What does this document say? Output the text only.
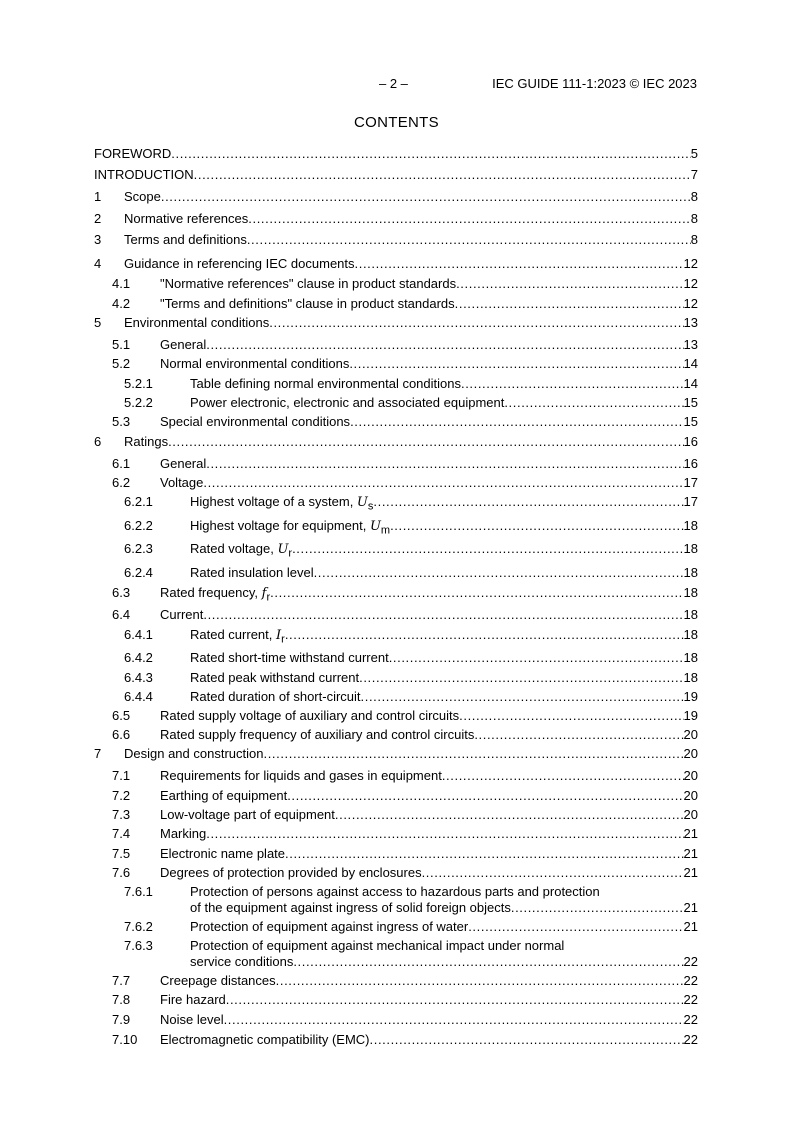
– 2 –	IEC GUIDE 111-1:2023 © IEC 2023
CONTENTS
FOREWORD .....	5
INTRODUCTION .....	7
1 Scope .....	8
2 Normative references .....	8
3 Terms and definitions .....	8
4 Guidance in referencing IEC documents .....	12
4.1 "Normative references" clause in product standards .....	12
4.2 "Terms and definitions" clause in product standards .....	12
5 Environmental conditions .....	13
5.1 General .....	13
5.2 Normal environmental conditions .....	14
5.2.1	Table defining normal environmental conditions .....	14
5.2.2	Power electronic, electronic and associated equipment .....	15
5.3 Special environmental conditions .....	15
6 Ratings .....	16
6.1 General .....	16
6.2 Voltage .....	17
6.2.1	Highest voltage of a system, $U_s$ .....	17
6.2.2	Highest voltage for equipment, $U_m$ .....	18
6.2.3	Rated voltage, $U_r$ .....	18
6.2.4	Rated insulation level .....	18
6.3 Rated frequency, $f_r$ .....	18
6.4 Current .....	18
6.4.1	Rated current, $I_r$ .....	18
6.4.2	Rated short-time withstand current .....	18
6.4.3	Rated peak withstand current .....	18
6.4.4	Rated duration of short-circuit .....	19
6.5 Rated supply voltage of auxiliary and control circuits .....	19
6.6 Rated supply frequency of auxiliary and control circuits .....	20
7 Design and construction .....	20
7.1 Requirements for liquids and gases in equipment .....	20
7.2 Earthing of equipment .....	20
7.3 Low-voltage part of equipment .....	20
7.4 Marking .....	21
7.5 Electronic name plate .....	21
7.6 Degrees of protection provided by enclosures .....	21
7.6.1	Protection of persons against access to hazardous parts and protection
of the equipment against ingress of solid foreign objects .....	21
7.6.2	Protection of equipment against ingress of water .....	21
7.6.3	Protection of equipment against mechanical impact under normal
service conditions .....	22
7.7 Creepage distances .....	22
7.8 Fire hazard .....	22
7.9 Noise level .....	22
7.10 Electromagnetic compatibility (EMC) .....	22
